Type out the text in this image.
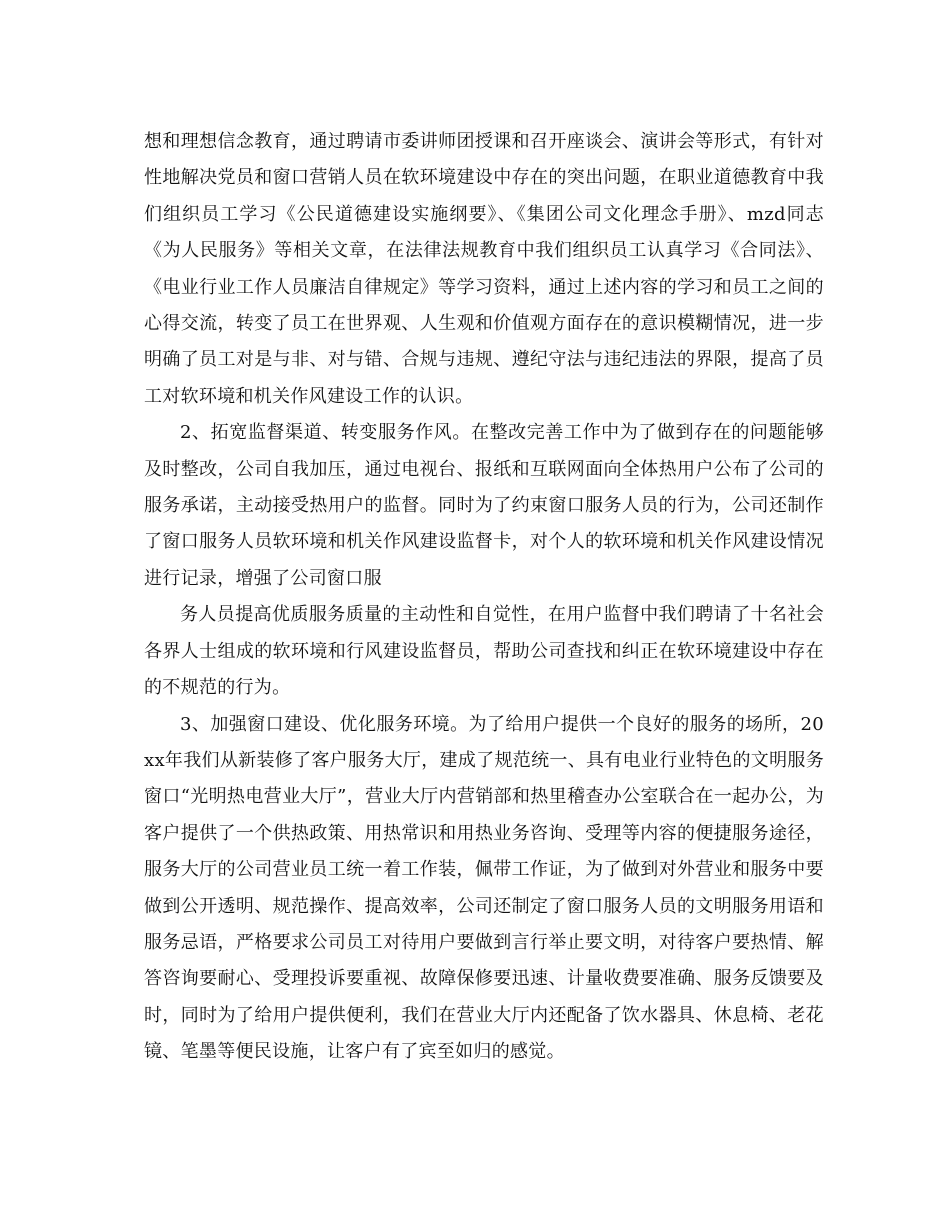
想和理想信念教育，通过聘请市委讲师团授课和召开座谈会、演讲会等形式，有针对性地解决党员和窗口营销人员在软环境建设中存在的突出问题，在职业道德教育中我们组织员工学习《公民道德建设实施纲要》、《集团公司文化理念手册》、mzd同志《为人民服务》等相关文章，在法律法规教育中我们组织员工认真学习《合同法》、《电业行业工作人员廉洁自律规定》等学习资料，通过上述内容的学习和员工之间的心得交流，转变了员工在世界观、人生观和价值观方面存在的意识模糊情况，进一步明确了员工对是与非、对与错、合规与违规、遵纪守法与违纪违法的界限，提高了员工对软环境和机关作风建设工作的认识。

2、拓宽监督渠道、转变服务作风。在整改完善工作中为了做到存在的问题能够及时整改，公司自我加压，通过电视台、报纸和互联网面向全体热用户公布了公司的服务承诺，主动接受热用户的监督。同时为了约束窗口服务人员的行为，公司还制作了窗口服务人员软环境和机关作风建设监督卡，对个人的软环境和机关作风建设情况进行记录，增强了公司窗口服

务人员提高优质服务质量的主动性和自觉性，在用户监督中我们聘请了十名社会各界人士组成的软环境和行风建设监督员，帮助公司查找和纠正在软环境建设中存在的不规范的行为。

3、加强窗口建设、优化服务环境。为了给用户提供一个良好的服务的场所，20xx年我们从新装修了客户服务大厅，建成了规范统一、具有电业行业特色的文明服务窗口“光明热电营业大厅”，营业大厅内营销部和热里稽查办公室联合在一起办公，为客户提供了一个供热政策、用热常识和用热业务咨询、受理等内容的便捷服务途径，服务大厅的公司营业员工统一着工作装，佩带工作证，为了做到对外营业和服务中要做到公开透明、规范操作、提高效率，公司还制定了窗口服务人员的文明服务用语和服务忌语，严格要求公司员工对待用户要做到言行举止要文明，对待客户要热情、解答咨询要耐心、受理投诉要重视、故障保修要迅速、计量收费要准确、服务反馈要及时，同时为了给用户提供便利，我们在营业大厅内还配备了饮水器具、休息椅、老花镜、笔墨等便民设施，让客户有了宾至如归的感觉。
